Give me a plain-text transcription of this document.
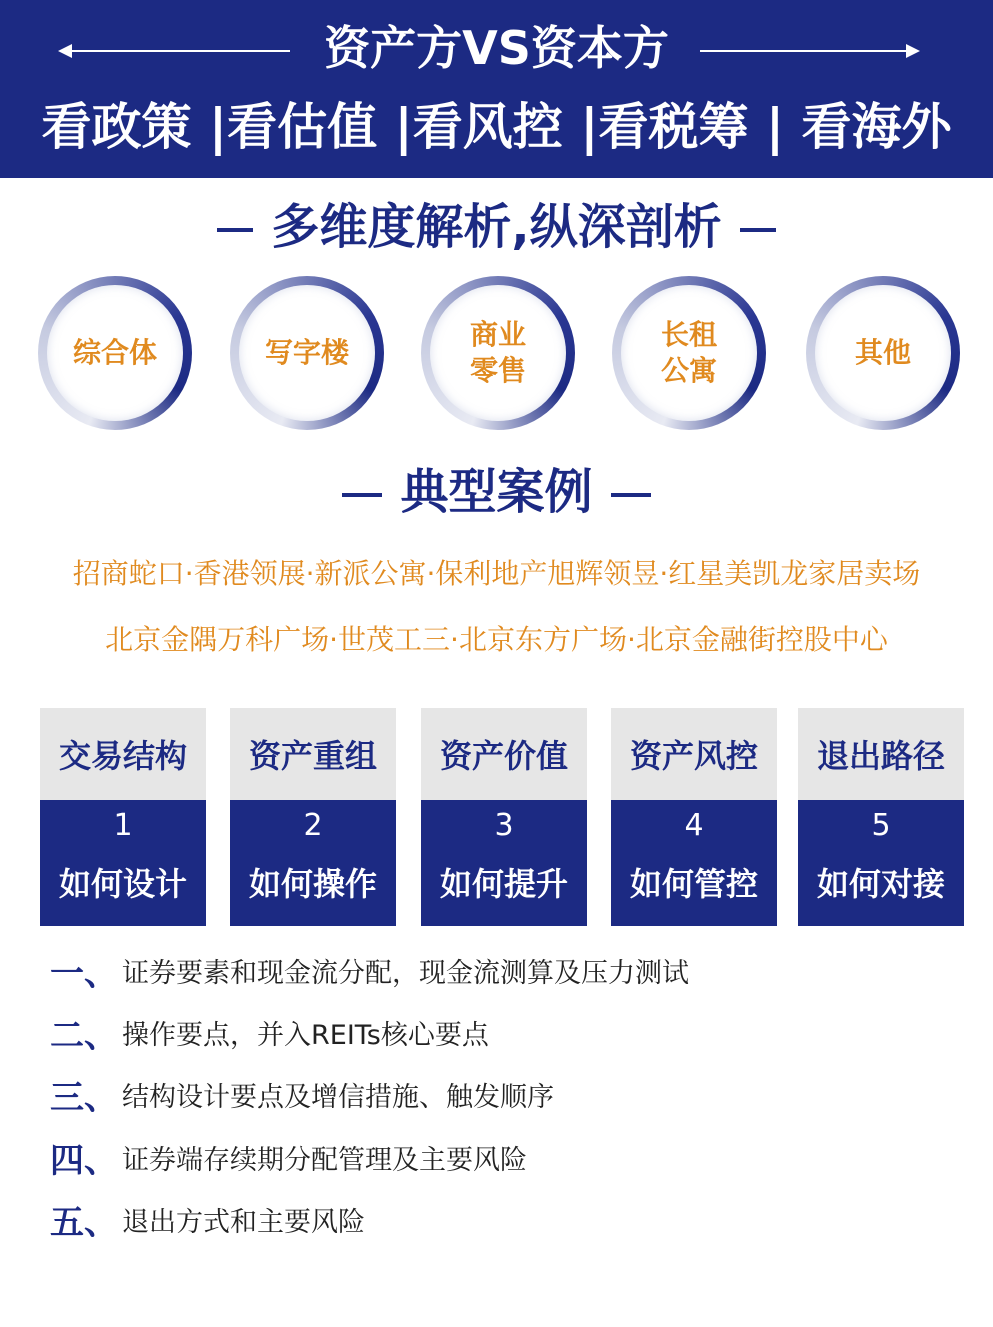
资产方VS资本方
看政策 |看估值 |看风控 |看税筹 | 看海外
多维度解析,纵深剖析
综合体	写字楼
商业
零售
长租
公寓
其他
典型案例
招商蛇口·香港领展·新派公寓·保利地产旭辉领昱·红星美凯龙家居卖场
北京金隅万科广场·世茂工三·北京东方广场·北京金融街控股中心
交易结构
1
如何设计
资产重组
2
如何操作
资产价值
3
如何提升
资产风控
4
如何管控
退出路径
5
如何对接
一、 证券要素和现金流分配，现金流测算及压力测试
二、 操作要点，并入REITs核心要点
三、 结构设计要点及增信措施、触发顺序
四、 证券端存续期分配管理及主要风险
五、 退出方式和主要风险
